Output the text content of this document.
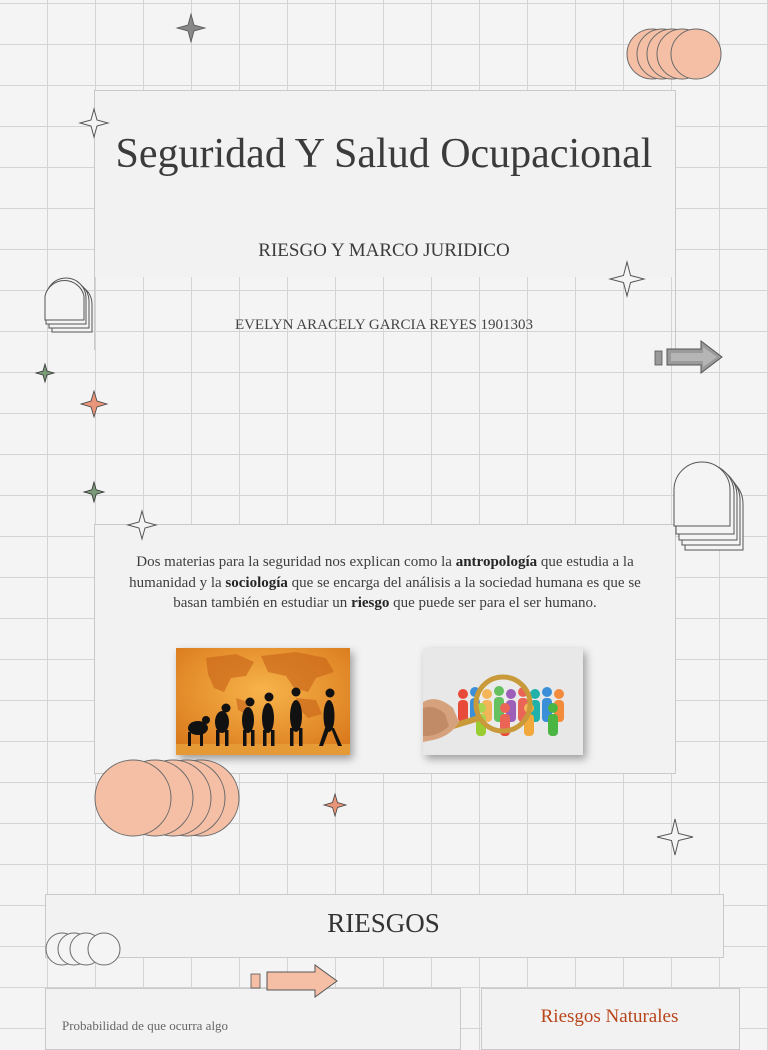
Seguridad Y Salud Ocupacional
RIESGO Y MARCO JURIDICO
EVELYN ARACELY GARCIA REYES 1901303
Dos materias para la seguridad nos explican como la antropología que estudia a la humanidad y la sociología que se encarga del análisis a la sociedad humana es que se basan también en estudiar un riesgo que puede ser para el ser humano.
RIESGOS
Probabilidad de que ocurra algo	Riesgos Naturales
